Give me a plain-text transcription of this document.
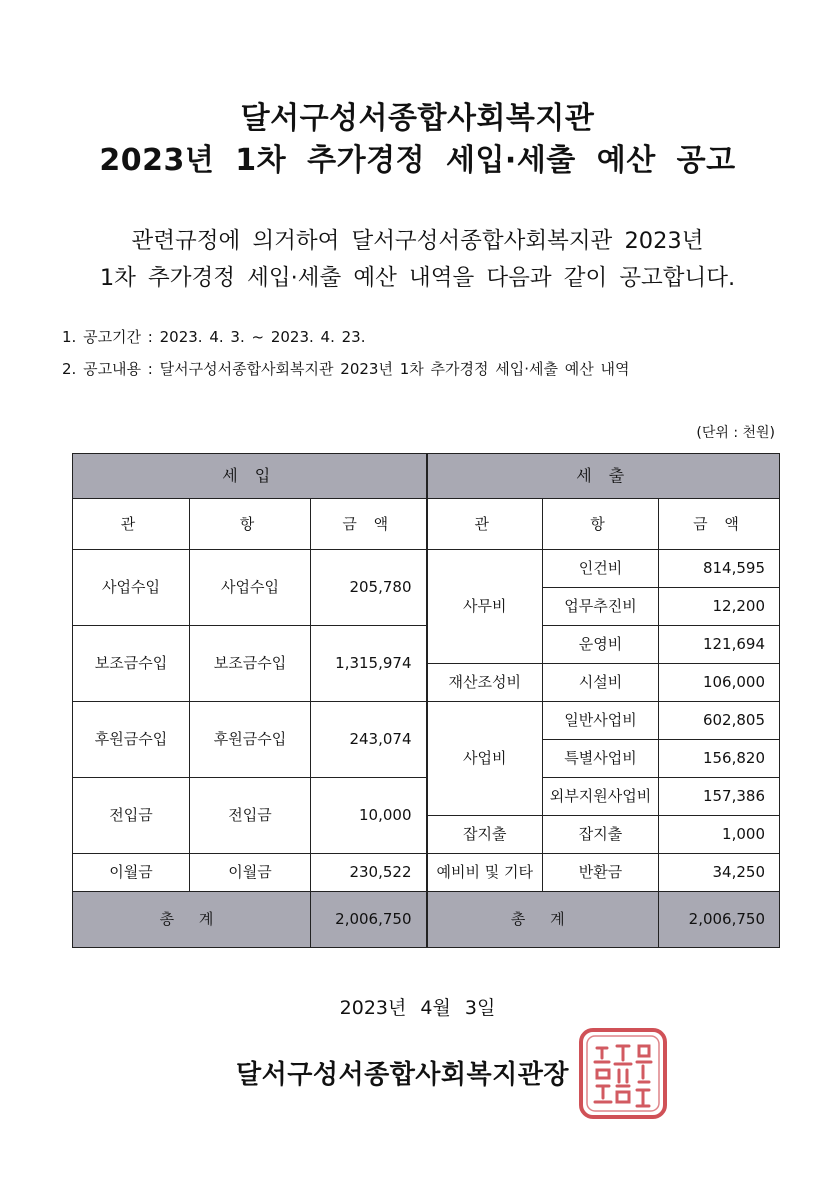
달서구성서종합사회복지관
2023년 1차 추가경정 세입·세출 예산 공고
관련규정에 의거하여 달서구성서종합사회복지관 2023년
1차 추가경정 세입·세출 예산 내역을 다음과 같이 공고합니다.
1. 공고기간 : 2023. 4. 3. ~ 2023. 4. 23.
2. 공고내용 : 달서구성서종합사회복지관 2023년 1차 추가경정 세입·세출 예산 내역
(단위 : 천원)
세 입			세 출		
관	항	금 액	관	항	금 액
사업수입	사업수입	205,780	사무비	인건비	814,595
				업무추진비	12,200
보조금수입	보조금수입	1,315,974		운영비	121,694
			재산조성비	시설비	106,000
후원금수입	후원금수입	243,074	사업비	일반사업비	602,805
				특별사업비	156,820
전입금	전입금	10,000		외부지원사업비	157,386
			잡지출	잡지출	1,000
이월금	이월금	230,522	예비비 및 기타	반환금	34,250

총 계		2,006,750	총 계		2,006,750
2023년 4월 3일
달서구성서종합사회복지관장
